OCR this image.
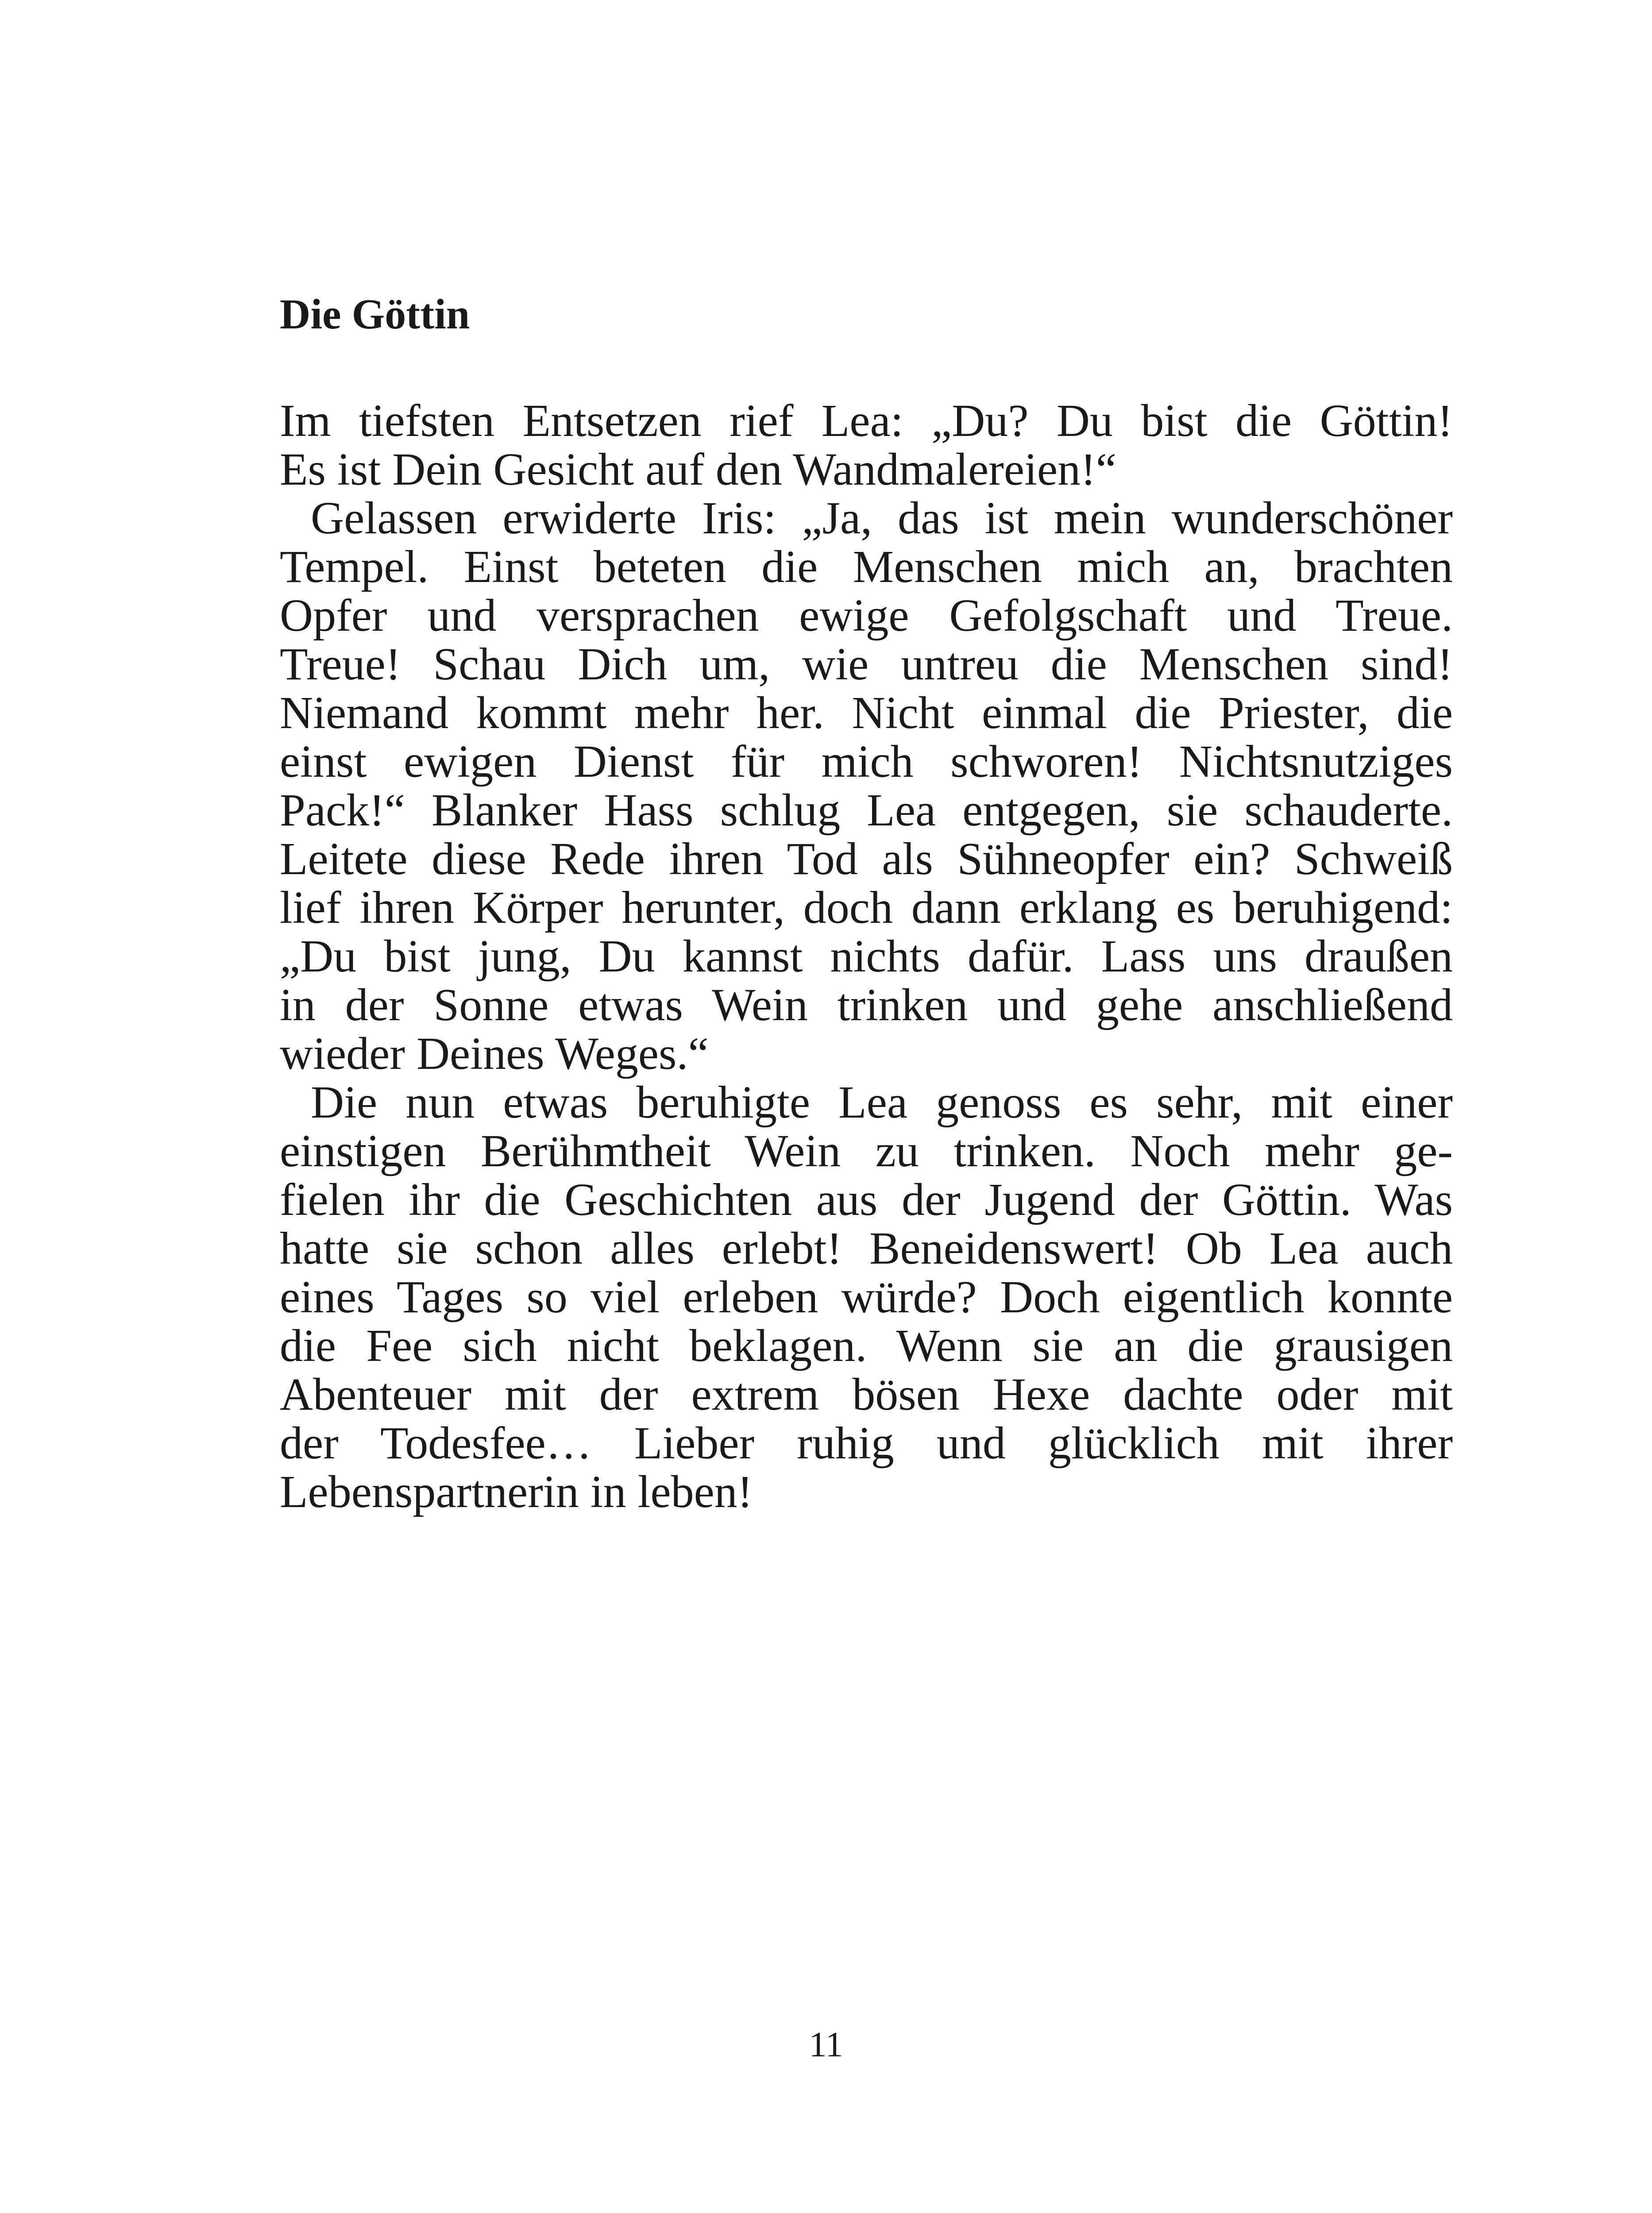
Die Göttin
Im tiefsten Entsetzen rief Lea: „Du? Du bist die Göttin!
Es ist Dein Gesicht auf den Wandmalereien!“
Gelassen erwiderte Iris: „Ja, das ist mein wunderschöner
Tempel. Einst beteten die Menschen mich an, brachten
Opfer und versprachen ewige Gefolgschaft und Treue.
Treue! Schau Dich um, wie untreu die Menschen sind!
Niemand kommt mehr her. Nicht einmal die Priester, die
einst ewigen Dienst für mich schworen! Nichtsnutziges
Pack!“ Blanker Hass schlug Lea entgegen, sie schauderte.
Leitete diese Rede ihren Tod als Sühneopfer ein? Schweiß
lief ihren Körper herunter, doch dann erklang es beruhigend:
„Du bist jung, Du kannst nichts dafür. Lass uns draußen
in der Sonne etwas Wein trinken und gehe anschließend
wieder Deines Weges.“
Die nun etwas beruhigte Lea genoss es sehr, mit einer
einstigen Berühmtheit Wein zu trinken. Noch mehr ge-
fielen ihr die Geschichten aus der Jugend der Göttin. Was
hatte sie schon alles erlebt! Beneidenswert! Ob Lea auch
eines Tages so viel erleben würde? Doch eigentlich konnte
die Fee sich nicht beklagen. Wenn sie an die grausigen
Abenteuer mit der extrem bösen Hexe dachte oder mit
der Todesfee… Lieber ruhig und glücklich mit ihrer
Lebenspartnerin in leben!
11
